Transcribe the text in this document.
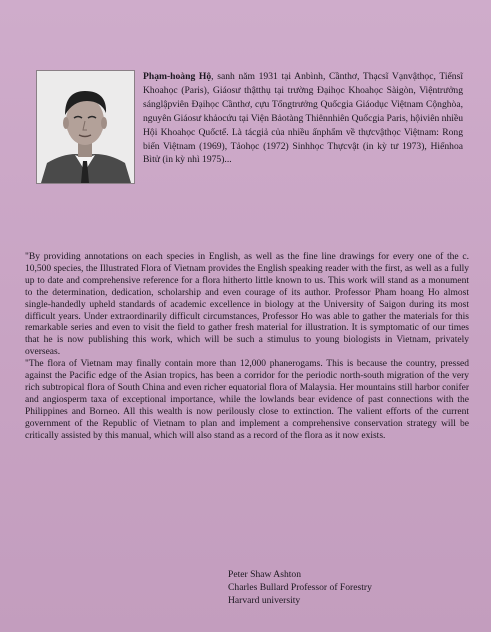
Phạm-hoàng Hộ, sanh năm 1931 tại Anbình, Cầnthơ, Thạcsĩ Vạnvậthọc, Tiếnsĩ Khoahọc (Paris), Giáosư thậtthụ tại trường Đạihọc Khoahọc Sàigòn, Việntrưởng sánglậpviên Đạihọc Cầnthơ, cựu Tổngtrưởng Quốcgia Giáodục Việtnam Cộnghòa, nguyên Giáosư khảocứu tại Viện Bảotàng Thiênnhiên Quốcgia Paris, hộiviên nhiều Hội Khoahọc Quốctế. Là tácgiả của nhiều ấnphẩm về thựcvậthọc Việtnam: Rong biển Việtnam (1969), Tảohọc (1972) Sinhhọc Thựcvật (in kỳ tư 1973), Hiểnhoa Bìtử (in kỳ nhì 1975)...

"By providing annotations on each species in English, as well as the fine line drawings for every one of the c. 10,500 species, the Illustrated Flora of Vietnam provides the English speaking reader with the first, as well as a fully up to date and comprehensive reference for a flora hitherto little known to us. This work will stand as a monument to the determination, dedication, scholarship and even courage of its author. Professor Pham hoang Ho almost single-handedly upheld standards of academic excellence in biology at the University of Saigon during its most difficult years. Under extraordinarily difficult circumstances, Professor Ho was able to gather the materials for this remarkable series and even to visit the field to gather fresh material for illustration. It is symptomatic of our times that he is now publishing this work, which will be such a stimulus to young biologists in Vietnam, privately overseas.

"The flora of Vietnam may finally contain more than 12,000 phanerogams. This is because the country, pressed against the Pacific edge of the Asian tropics, has been a corridor for the periodic north-south migration of the very rich subtropical flora of South China and even richer equatorial flora of Malaysia. Her mountains still harbor conifer and angiosperm taxa of exceptional importance, while the lowlands bear evidence of past connections with the Philippines and Borneo. All this wealth is now perilously close to extinction. The valient efforts of the current government of the Republic of Vietnam to plan and implement a comprehensive conservation strategy will be critically assisted by this manual, which will also stand as a record of the flora as it now exists.

Peter Shaw Ashton
Charles Bullard Professor of Forestry
Harvard university
